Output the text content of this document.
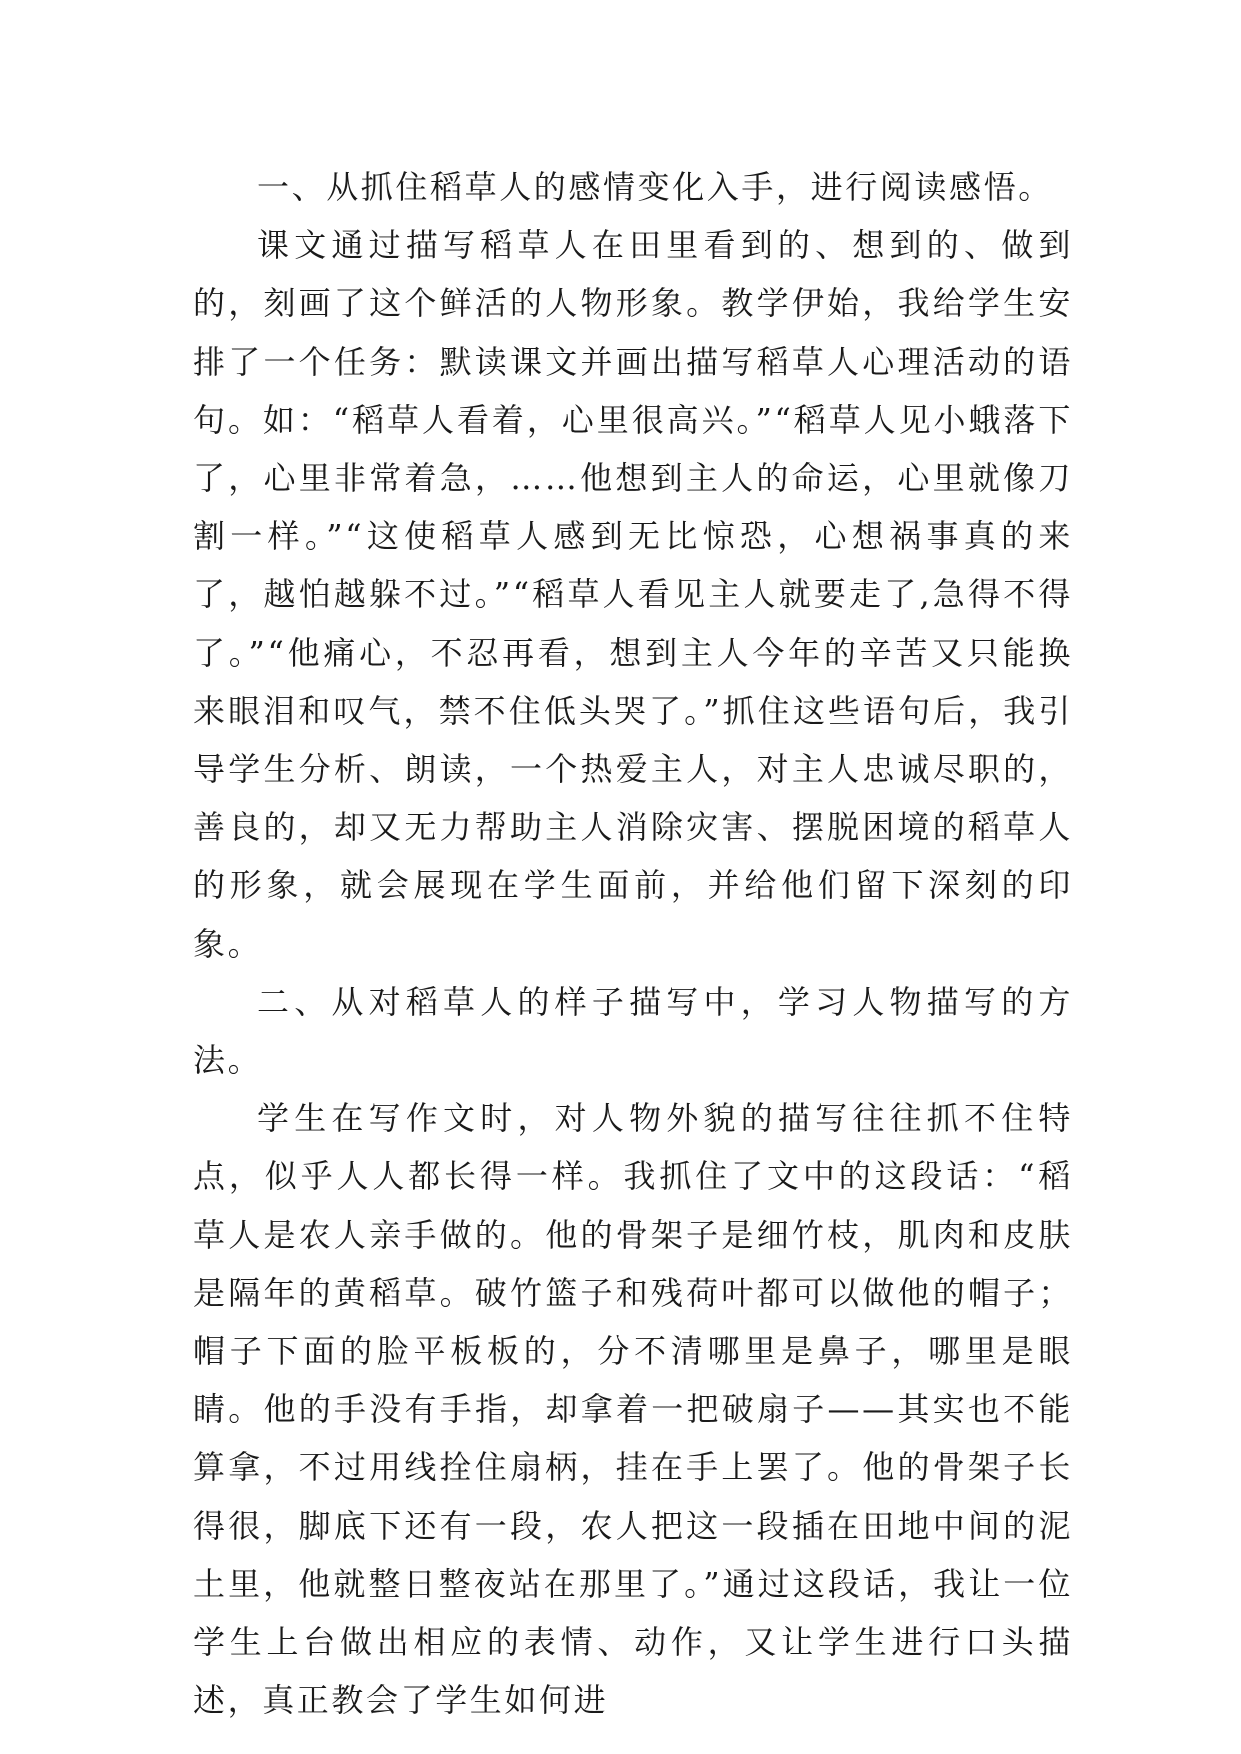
一、从抓住稻草人的感情变化入手，进行阅读感悟。

课文通过描写稻草人在田里看到的、想到的、做到的，刻画了这个鲜活的人物形象。教学伊始，我给学生安排了一个任务：默读课文并画出描写稻草人心理活动的语句。如：“稻草人看着，心里很高兴。”“稻草人见小蛾落下了，心里非常着急，……他想到主人的命运，心里就像刀割一样。”“这使稻草人感到无比惊恐，心想祸事真的来了，越怕越躲不过。”“稻草人看见主人就要走了,急得不得了。”“他痛心，不忍再看，想到主人今年的辛苦又只能换来眼泪和叹气，禁不住低头哭了。”抓住这些语句后，我引导学生分析、朗读，一个热爱主人，对主人忠诚尽职的，善良的，却又无力帮助主人消除灾害、摆脱困境的稻草人的形象，就会展现在学生面前，并给他们留下深刻的印象。

二、从对稻草人的样子描写中，学习人物描写的方法。

学生在写作文时，对人物外貌的描写往往抓不住特点，似乎人人都长得一样。我抓住了文中的这段话：“稻草人是农人亲手做的。他的骨架子是细竹枝，肌肉和皮肤是隔年的黄稻草。破竹篮子和残荷叶都可以做他的帽子；帽子下面的脸平板板的，分不清哪里是鼻子，哪里是眼睛。他的手没有手指，却拿着一把破扇子——其实也不能算拿，不过用线拴住扇柄，挂在手上罢了。他的骨架子长得很，脚底下还有一段，农人把这一段插在田地中间的泥土里，他就整日整夜站在那里了。”通过这段话，我让一位学生上台做出相应的表情、动作，又让学生进行口头描述，真正教会了学生如何进
